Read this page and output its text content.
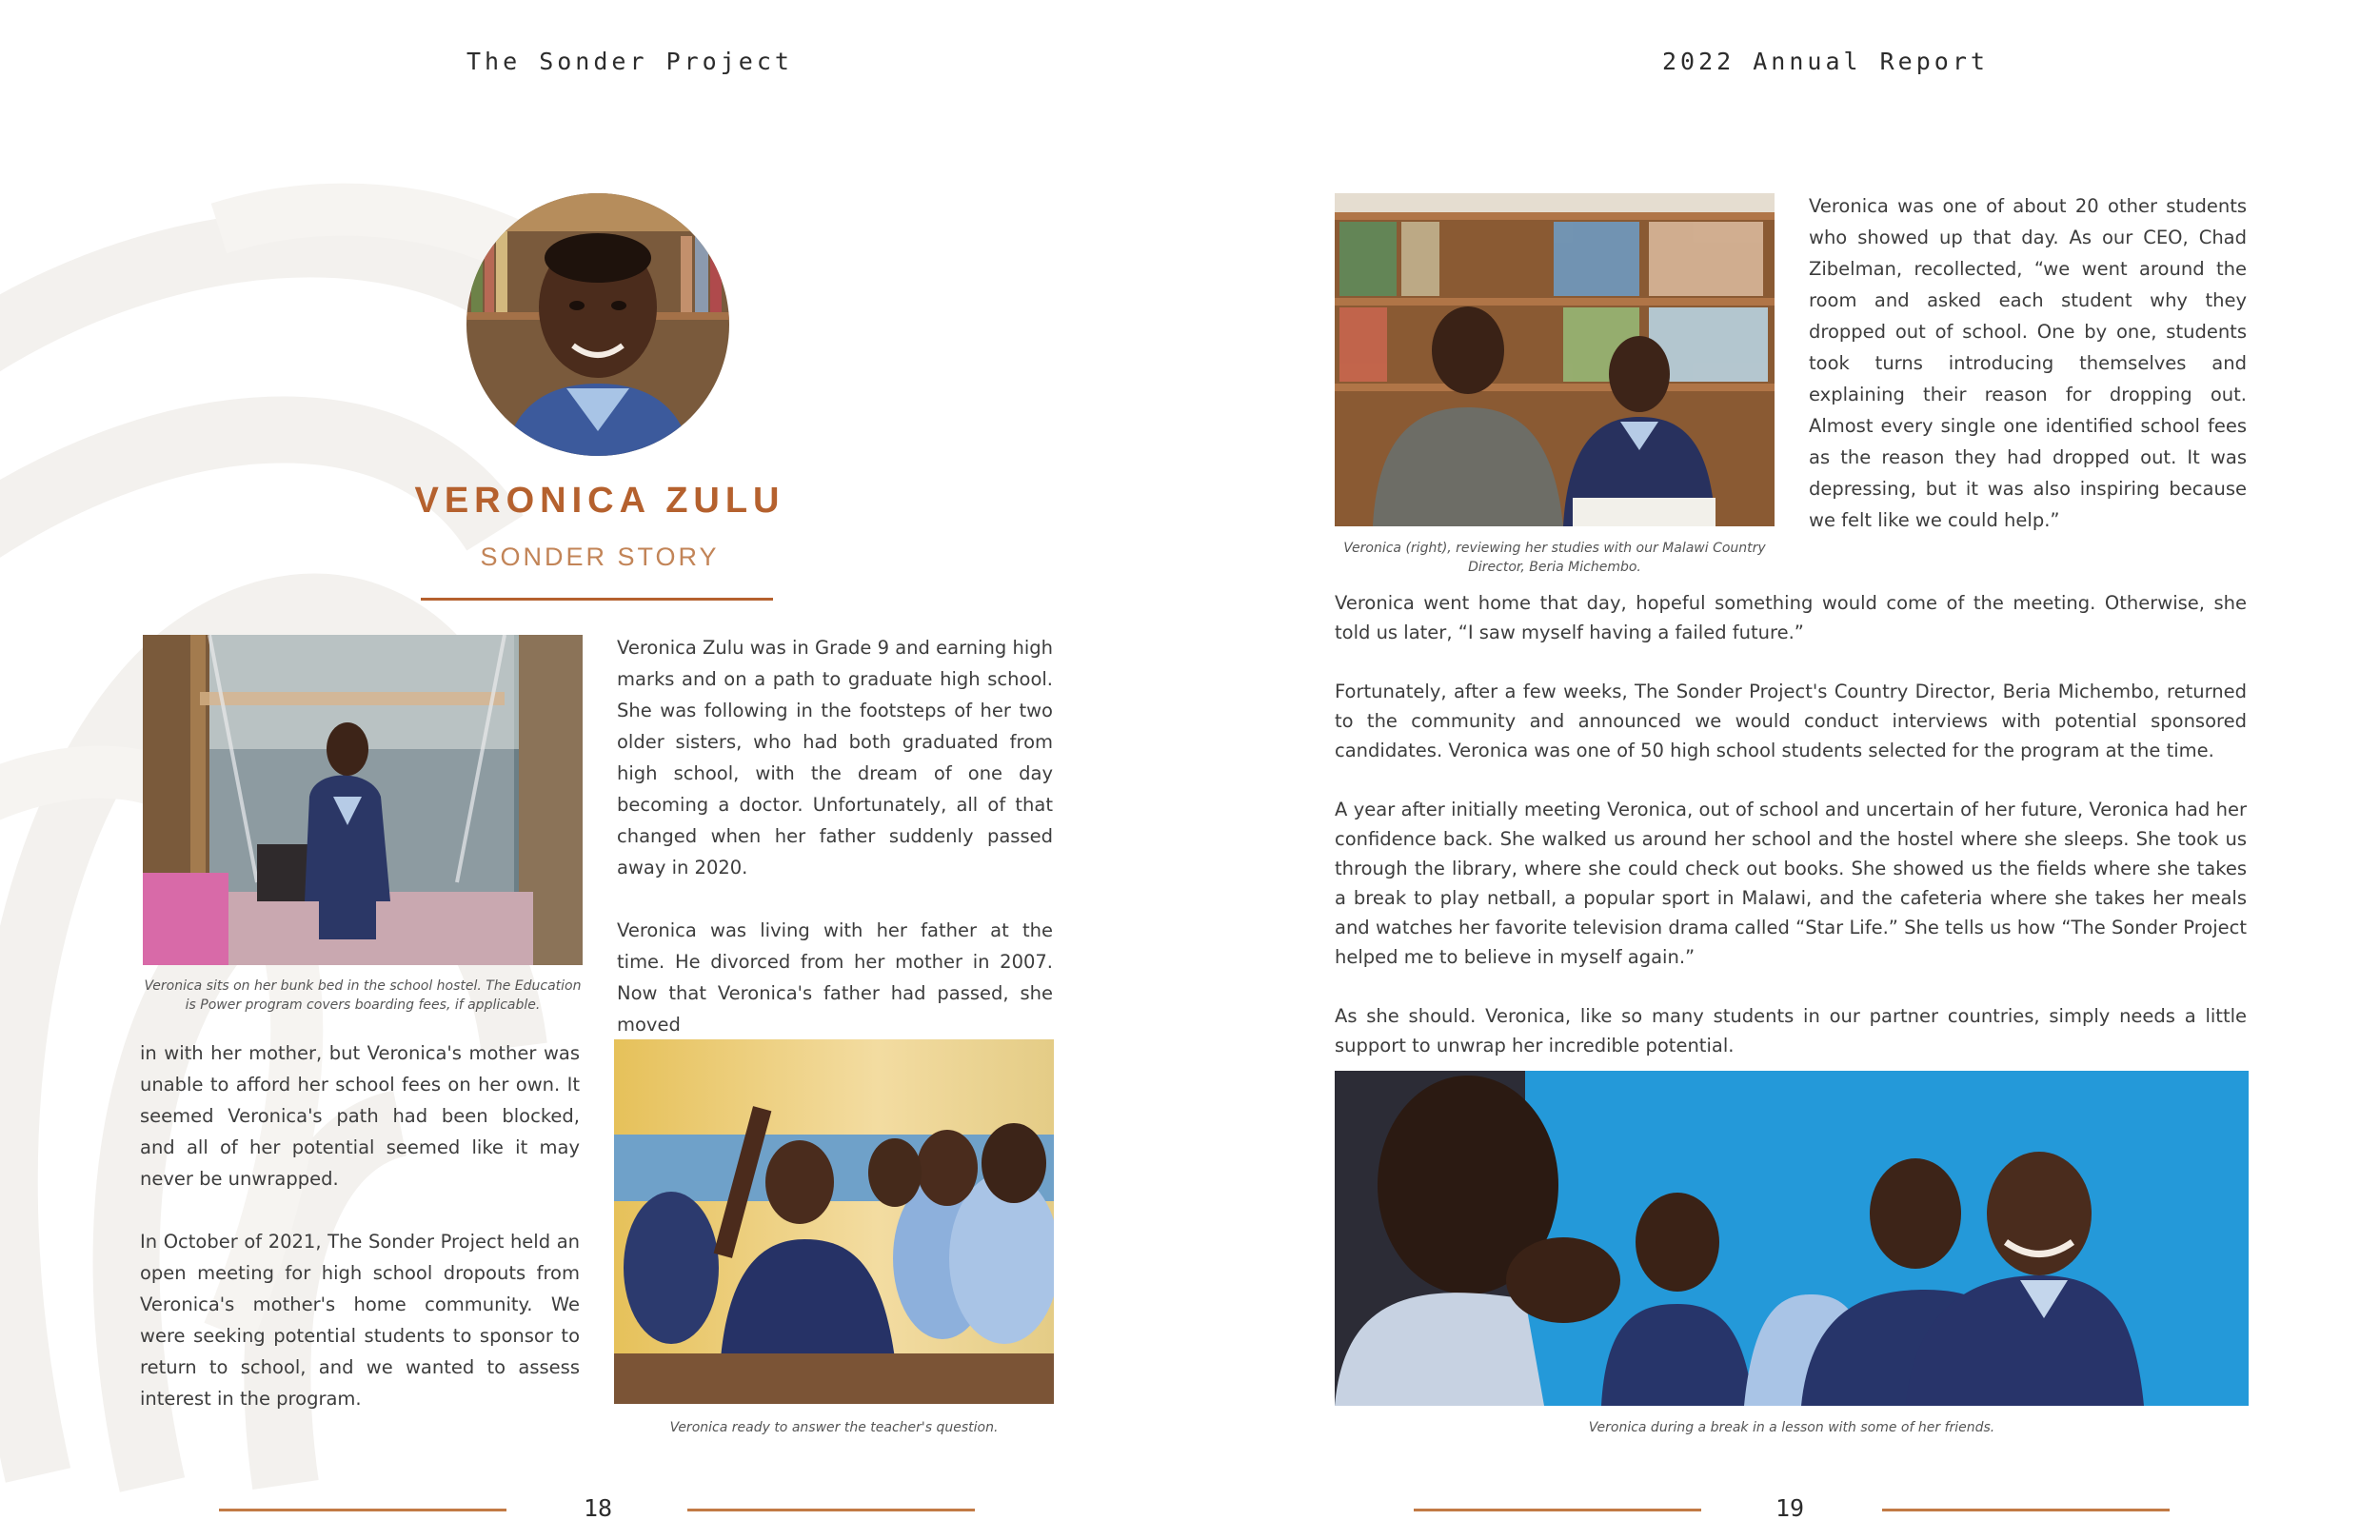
The Sonder Project
VERONICA ZULU
SONDER STORY
Veronica sits on her bunk bed in the school hostel. The Education is Power program covers boarding fees, if applicable.

Veronica Zulu was in Grade 9 and earning high marks and on a path to graduate high school. She was following in the footsteps of her two older sisters, who had both graduated from high school, with the dream of one day becoming a doctor. Unfortunately, all of that changed when her father suddenly passed away in 2020.

Veronica was living with her father at the time. He divorced from her mother in 2007. Now that Veronica's father had passed, she moved

in with her mother, but Veronica's mother was unable to afford her school fees on her own. It seemed Veronica's path had been blocked, and all of her potential seemed like it may never be unwrapped.

In October of 2021, The Sonder Project held an open meeting for high school dropouts from Veronica's mother's home community. We were seeking potential students to sponsor to return to school, and we wanted to assess interest in the program.

Veronica ready to answer the teacher's question.
18
2022 Annual Report
Veronica (right), reviewing her studies with our Malawi Country Director, Beria Michembo.

Veronica was one of about 20 other students who showed up that day. As our CEO, Chad Zibelman, recollected, “we went around the room and asked each student why they dropped out of school. One by one, students took turns introducing themselves and explaining their reason for dropping out. Almost every single one identified school fees as the reason they had dropped out. It was depressing, but it was also inspiring because we felt like we could help.”

Veronica went home that day, hopeful something would come of the meeting. Otherwise, she told us later, “I saw myself having a failed future.”

Fortunately, after a few weeks, The Sonder Project's Country Director, Beria Michembo, returned to the community and announced we would conduct interviews with potential sponsored candidates. Veronica was one of 50 high school students selected for the program at the time.

A year after initially meeting Veronica, out of school and uncertain of her future, Veronica had her confidence back. She walked us around her school and the hostel where she sleeps. She took us through the library, where she could check out books. She showed us the fields where she takes a break to play netball, a popular sport in Malawi, and the cafeteria where she takes her meals and watches her favorite television drama called “Star Life.” She tells us how “The Sonder Project helped me to believe in myself again.”

As she should. Veronica, like so many students in our partner countries, simply needs a little support to unwrap her incredible potential.

Veronica during a break in a lesson with some of her friends.
19
